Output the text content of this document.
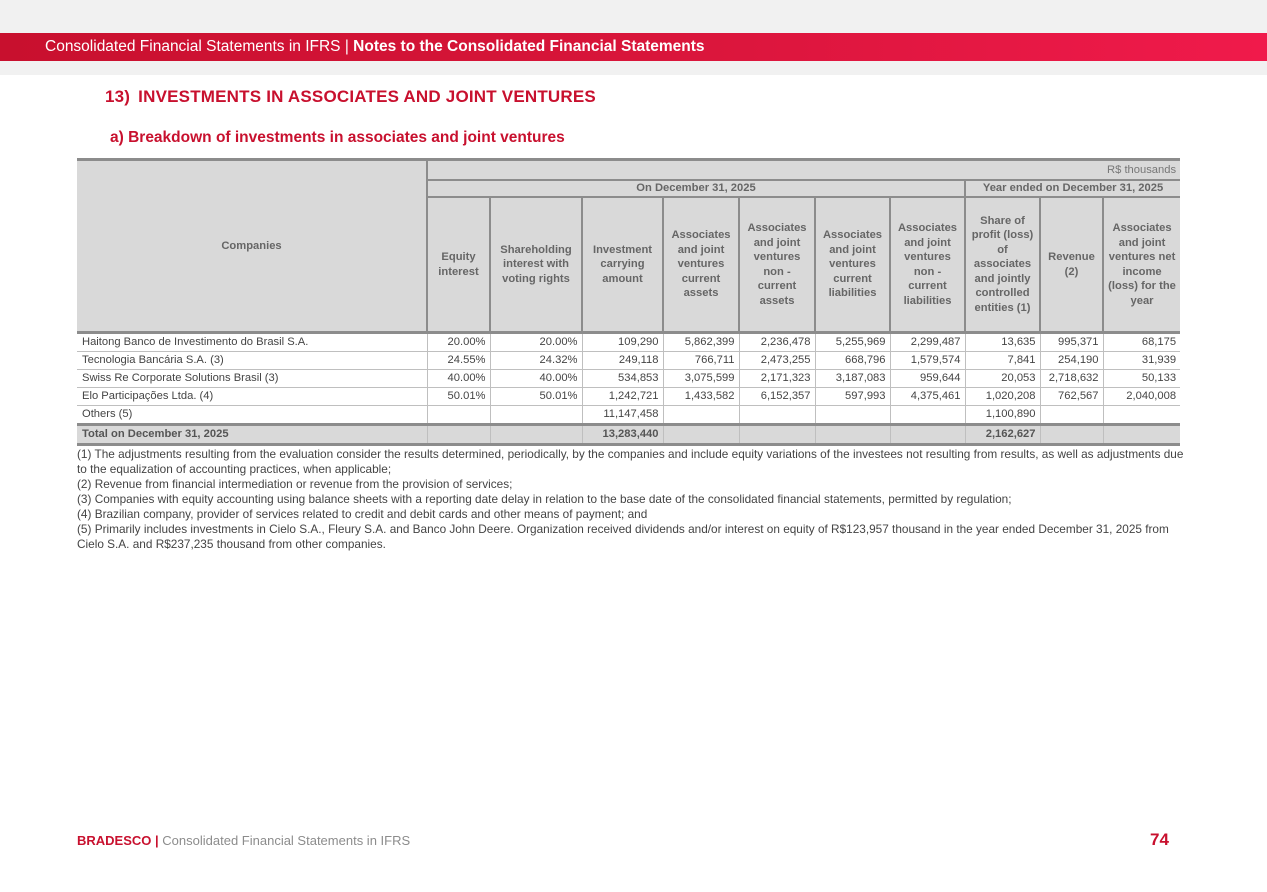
Consolidated Financial Statements in IFRS | Notes to the Consolidated Financial Statements
13) INVESTMENTS IN ASSOCIATES AND JOINT VENTURES
a) Breakdown of investments in associates and joint ventures
Companies	R$ thousands									
	On December 31, 2025							Year ended on December 31, 2025		
	Equity interest	Shareholding interest with voting rights	Investment carrying amount	Associates and joint ventures current assets	Associates and joint ventures non - current assets	Associates and joint ventures current liabilities	Associates and joint ventures non - current liabilities	Share of profit (loss) of associates and jointly controlled entities (1)	Revenue (2)	Associates and joint ventures net income (loss) for the year
Haitong Banco de Investimento do Brasil S.A.	20.00%	20.00%	109,290	5,862,399	2,236,478	5,255,969	2,299,487	13,635	995,371	68,175
Tecnologia Bancária S.A. (3)	24.55%	24.32%	249,118	766,711	2,473,255	668,796	1,579,574	7,841	254,190	31,939
Swiss Re Corporate Solutions Brasil (3)	40.00%	40.00%	534,853	3,075,599	2,171,323	3,187,083	959,644	20,053	2,718,632	50,133
Elo Participações Ltda. (4)	50.01%	50.01%	1,242,721	1,433,582	6,152,357	597,993	4,375,461	1,020,208	762,567	2,040,008
Others (5)			11,147,458					1,100,890		
Total on December 31, 2025			13,283,440					2,162,627		

(1) The adjustments resulting from the evaluation consider the results determined, periodically, by the companies and include equity variations of the investees not resulting from results, as well as adjustments due to the equalization of accounting practices, when applicable;

(2) Revenue from financial intermediation or revenue from the provision of services;

(3) Companies with equity accounting using balance sheets with a reporting date delay in relation to the base date of the consolidated financial statements, permitted by regulation;

(4) Brazilian company, provider of services related to credit and debit cards and other means of payment; and

(5) Primarily includes investments in Cielo S.A., Fleury S.A. and Banco John Deere. Organization received dividends and/or interest on equity of R$123,957 thousand in the year ended December 31, 2025 from Cielo S.A. and R$237,235 thousand from other companies.

BRADESCO | Consolidated Financial Statements in IFRS	74
